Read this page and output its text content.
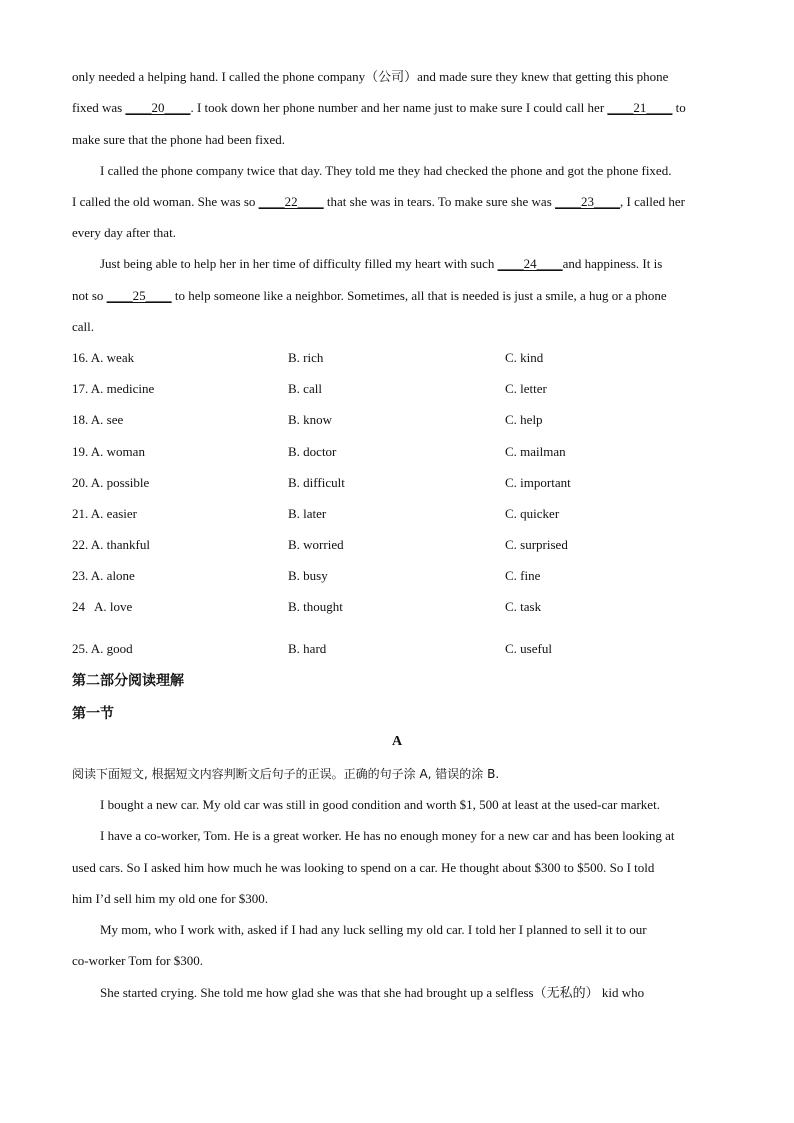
only needed a helping hand. I called the phone company（公司）and made sure they knew that getting this phone
fixed was ____20____. I took down her phone number and her name just to make sure I could call her ____21____ to
make sure that the phone had been fixed.
I called the phone company twice that day. They told me they had checked the phone and got the phone fixed.
I called the old woman. She was so ____22____ that she was in tears. To make sure she was ____23____, I called her
every day after that.
Just being able to help her in her time of difficulty filled my heart with such ____24____and happiness. It is
not so ____25____ to help someone like a neighbor. Sometimes, all that is needed is just a smile, a hug or a phone
call.
16. A. weak	B. rich	C. kind
17. A. medicine	B. call	C. letter
18. A. see	B. know	C. help
19. A. woman	B. doctor	C. mailman
20. A. possible	B. difficult	C. important
21. A. easier	B. later	C. quicker
22. A. thankful	B. worried	C. surprised
23. A. alone	B. busy	C. fine
24   A. love	B. thought	C. task
25. A. good	B. hard	C. useful
第二部分阅读理解
第一节
A
阅读下面短文, 根据短文内容判断文后句子的正误。正确的句子涂 A, 错误的涂 B.
I bought a new car. My old car was still in good condition and worth $1, 500 at least at the used-car market.
I have a co-worker, Tom. He is a great worker. He has no enough money for a new car and has been looking at
used cars. So I asked him how much he was looking to spend on a car. He thought about $300 to $500. So I told
him I’d sell him my old one for $300.
My mom, who I work with, asked if I had any luck selling my old car. I told her I planned to sell it to our
co-worker Tom for $300.
She started crying. She told me how glad she was that she had brought up a selfless（无私的） kid who
